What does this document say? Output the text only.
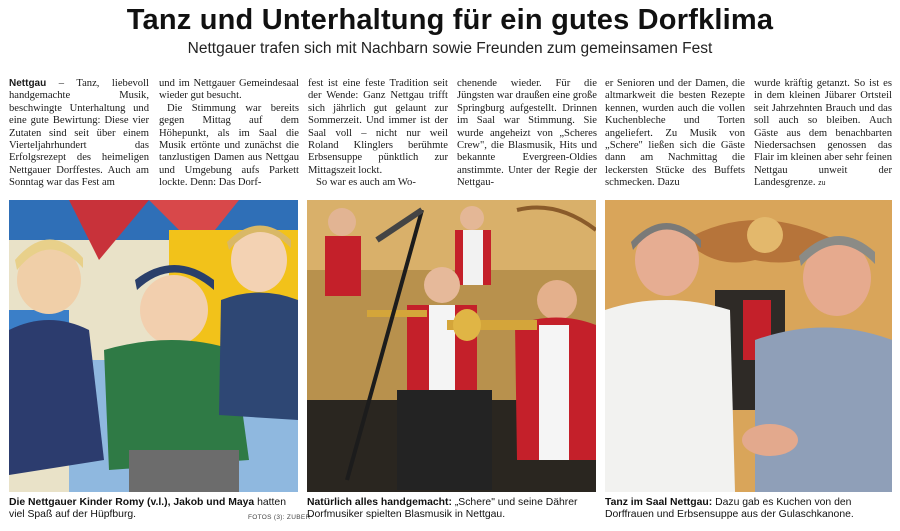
Tanz und Unterhaltung für ein gutes Dorfklima
Nettgauer trafen sich mit Nachbarn sowie Freunden zum gemeinsamen Fest

Nettgau – Tanz, liebevoll handgemachte Musik, beschwingte Unterhaltung und eine gute Bewirtung: Diese vier Zutaten sind seit über einem Vierteljahrhundert das Erfolgsrezept des heimeligen Nettgauer Dorffestes. Auch am Sonntag war das Fest am

und im Nettgauer Gemeindesaal wieder gut besucht.

Die Stimmung war bereits gegen Mittag auf dem Höhepunkt, als im Saal die Musik ertönte und zunächst die tanzlustigen Damen aus Nettgau und Umgebung aufs Parkett lockte. Denn: Das Dorf-

fest ist eine feste Tradition seit der Wende: Ganz Nettgau trifft sich jährlich gut gelaunt zur Sommerzeit. Und immer ist der Saal voll – nicht nur weil Roland Klinglers berühmte Erbsensuppe pünktlich zur Mittagszeit lockt.

So war es auch am Wo-

chenende wieder. Für die Jüngsten war draußen eine große Springburg aufgestellt. Drinnen im Saal war Stimmung. Sie wurde angeheizt von „Scheres Crew", die Blasmusik, Hits und bekannte Evergreen-Oldies anstimmte. Unter der Regie der Nettgau-

er Senioren und der Damen, die altmarkweit die besten Rezepte kennen, wurden auch die vollen Kuchenbleche und Torten angeliefert. Zu Musik von „Schere" ließen sich die Gäste dann am Nachmittag die leckersten Stücke des Buffets schmecken. Dazu

wurde kräftig getanzt. So ist es in dem kleinen Jübarer Ortsteil seit Jahrzehnten Brauch und das soll auch so bleiben. Auch Gäste aus dem benachbarten Niedersachsen genossen das Flair im kleinen aber sehr feinen Nettgau unweit der Landesgrenze. zu

Die Nettgauer Kinder Romy (v.l.), Jakob und Maya hatten viel Spaß auf der Hüpfburg.	FOTOS (3): ZUBER
Natürlich alles handgemacht: „Schere" und seine Dährer Dorfmusiker spielten Blasmusik in Nettgau.
Tanz im Saal Nettgau: Dazu gab es Kuchen von den Dorffrauen und Erbsensuppe aus der Gulaschkanone.
